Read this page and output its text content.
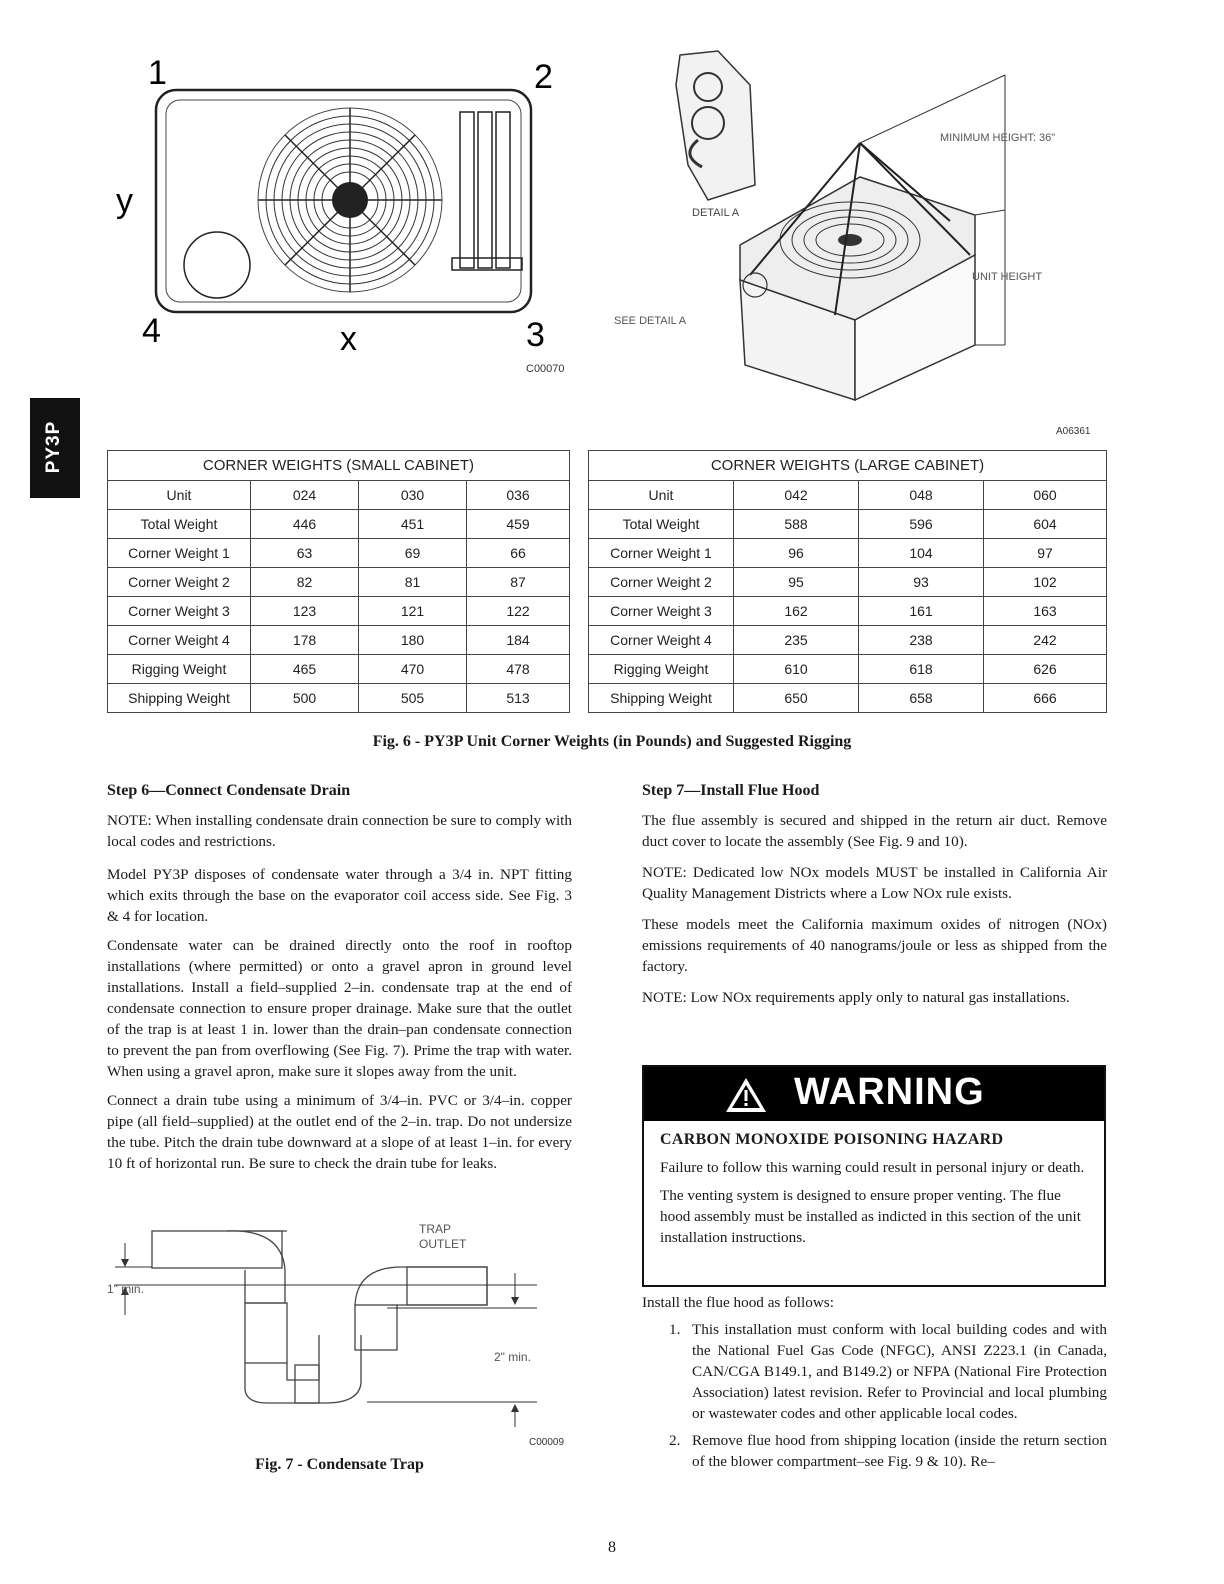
PY3P
1	2
3
4	x
y
C00070
DETAIL A
MINIMUM HEIGHT: 36"
UNIT HEIGHT
SEE DETAIL A
A06361
CORNER WEIGHTS (SMALL CABINET)			
Unit	024	030	036
Total Weight	446	451	459
Corner Weight 1	63	69	66
Corner Weight 2	82	81	87
Corner Weight 3	123	121	122
Corner Weight 4	178	180	184
Rigging Weight	465	470	478
Shipping Weight	500	505	513
CORNER WEIGHTS (LARGE CABINET)			
Unit	042	048	060
Total Weight	588	596	604
Corner Weight 1	96	104	97
Corner Weight 2	95	93	102
Corner Weight 3	162	161	163
Corner Weight 4	235	238	242
Rigging Weight	610	618	626
Shipping Weight	650	658	666
Fig. 6 - PY3P Unit Corner Weights (in Pounds) and Suggested Rigging
Step 6—Connect Condensate Drain

NOTE: When installing condensate drain connection be sure to comply with local codes and restrictions.

Model PY3P disposes of condensate water through a 3/4 in. NPT fitting which exits through the base on the evaporator coil access side. See Fig. 3 & 4 for location.

Condensate water can be drained directly onto the roof in rooftop installations (where permitted) or onto a gravel apron in ground level installations. Install a field–supplied 2–in. condensate trap at the end of condensate connection to ensure proper drainage. Make sure that the outlet of the trap is at least 1 in. lower than the drain–pan condensate connection to prevent the pan from overflowing (See Fig. 7). Prime the trap with water. When using a gravel apron, make sure it slopes away from the unit.

Connect a drain tube using a minimum of 3/4–in. PVC or 3/4–in. copper pipe (all field–supplied) at the outlet end of the 2–in. trap. Do not undersize the tube. Pitch the drain tube downward at a slope of at least 1–in. for every 10 ft of horizontal run. Be sure to check the drain tube for leaks.

TRAP
OUTLET
1" min.
2" min.
C00009
Fig. 7 - Condensate Trap
Step 7—Install Flue Hood

The flue assembly is secured and shipped in the return air duct. Remove duct cover to locate the assembly (See Fig. 9 and 10).

NOTE: Dedicated low NOx models MUST be installed in California Air Quality Management Districts where a Low NOx rule exists.

These models meet the California maximum oxides of nitrogen (NOx) emissions requirements of 40 nanograms/joule or less as shipped from the factory.

NOTE: Low NOx requirements apply only to natural gas installations.

WARNING
CARBON MONOXIDE POISONING HAZARD

Failure to follow this warning could result in personal injury or death.

The venting system is designed to ensure proper venting. The flue hood assembly must be installed as indicted in this section of the unit installation instructions.

Install the flue hood as follows:

1. This installation must conform with local building codes and with the National Fuel Gas Code (NFGC), ANSI Z223.1 (in Canada, CAN/CGA B149.1, and B149.2) or NFPA (National Fire Protection Association) latest revision. Refer to Provincial and local plumbing or wastewater codes and other applicable local codes.
2. Remove flue hood from shipping location (inside the return section of the blower compartment–see Fig. 9 & 10). Re–
8
